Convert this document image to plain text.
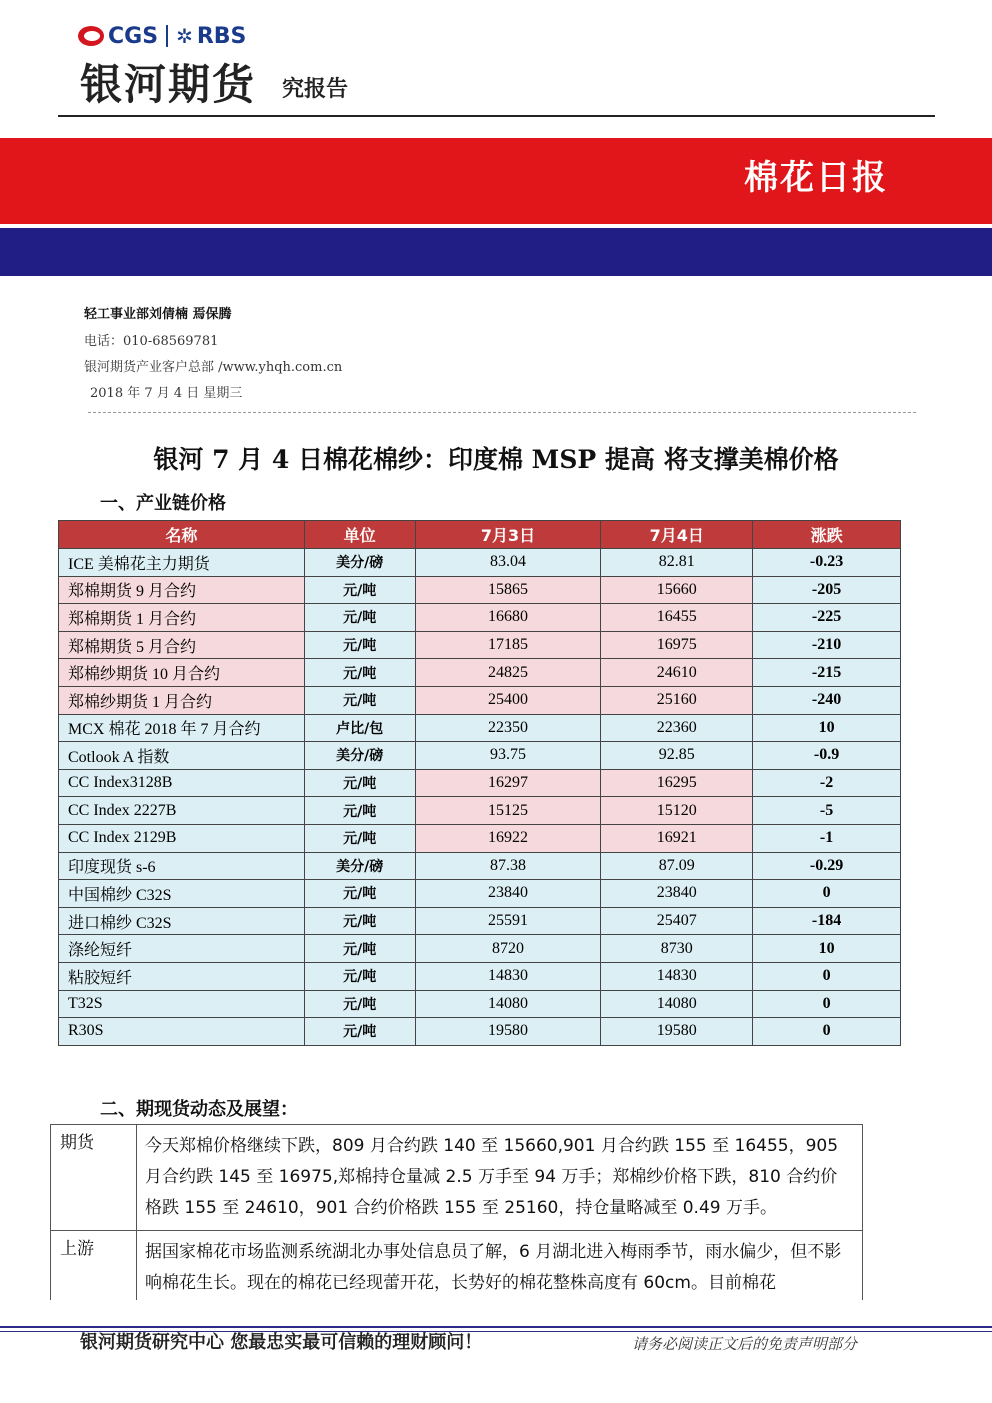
CGS ✲ RBS
银河期货 究报告
棉花日报
轻工事业部刘倩楠 焉保腾
电话：010-68569781
银河期货产业客户总部 /www.yhqh.com.cn
2018 年 7 月 4 日 星期三
银河 7 月 4 日棉花棉纱：印度棉 MSP 提高 将支撑美棉价格
一、产业链价格
名称	单位	7月3日	7月4日	涨跌
ICE 美棉花主力期货	美分/磅	83.04	82.81	-0.23
郑棉期货 9 月合约	元/吨	15865	15660	-205
郑棉期货 1 月合约	元/吨	16680	16455	-225
郑棉期货 5 月合约	元/吨	17185	16975	-210
郑棉纱期货 10 月合约	元/吨	24825	24610	-215
郑棉纱期货 1 月合约	元/吨	25400	25160	-240
MCX 棉花 2018 年 7 月合约	卢比/包	22350	22360	10
Cotlook A 指数	美分/磅	93.75	92.85	-0.9
CC Index3128B	元/吨	16297	16295	-2
CC Index 2227B	元/吨	15125	15120	-5
CC Index 2129B	元/吨	16922	16921	-1
印度现货 s-6	美分/磅	87.38	87.09	-0.29
中国棉纱 C32S	元/吨	23840	23840	0
进口棉纱 C32S	元/吨	25591	25407	-184
涤纶短纤	元/吨	8720	8730	10
粘胶短纤	元/吨	14830	14830	0
T32S	元/吨	14080	14080	0
R30S	元/吨	19580	19580	0
二、期现货动态及展望：
期货	今天郑棉价格继续下跌，809 月合约跌 140 至 15660,901 月合约跌 155 至 16455，905 月合约跌 145 至 16975,郑棉持仓量减 2.5 万手至 94 万手；郑棉纱价格下跌，810 合约价格跌 155 至 24610，901 合约价格跌 155 至 25160，持仓量略减至 0.49 万手。
上游	据国家棉花市场监测系统湖北办事处信息员了解，6 月湖北进入梅雨季节，雨水偏少，但不影响棉花生长。现在的棉花已经现蕾开花，长势好的棉花整株高度有 60cm。目前棉花
银河期货研究中心 您最忠实最可信赖的理财顾问！	请务必阅读正文后的免责声明部分
